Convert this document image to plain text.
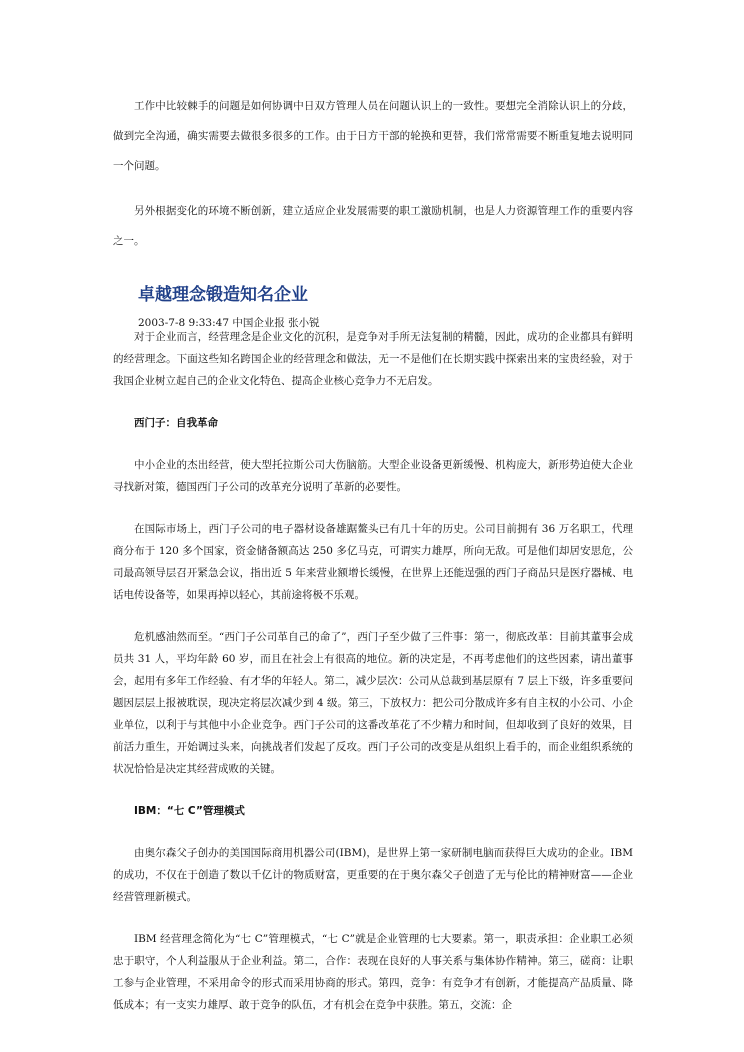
工作中比较棘手的问题是如何协调中日双方管理人员在问题认识上的一致性。要想完全消除认识上的分歧，做到完全沟通，确实需要去做很多很多的工作。由于日方干部的轮换和更替，我们常常需要不断重复地去说明同一个问题。

另外根据变化的环境不断创新，建立适应企业发展需要的职工激励机制，也是人力资源管理工作的重要内容之一。

卓越理念锻造知名企业

2003-7-8 9:33:47 中国企业报 张小锐

对于企业而言，经营理念是企业文化的沉积，是竞争对手所无法复制的精髓，因此，成功的企业都具有鲜明的经营理念。下面这些知名跨国企业的经营理念和做法，无一不是他们在长期实践中探索出来的宝贵经验，对于我国企业树立起自己的企业文化特色、提高企业核心竞争力不无启发。

西门子：自我革命

中小企业的杰出经营，使大型托拉斯公司大伤脑筋。大型企业设备更新缓慢、机构庞大，新形势迫使大企业寻找新对策，德国西门子公司的改革充分说明了革新的必要性。

在国际市场上，西门子公司的电子器材设备雄踞鳌头已有几十年的历史。公司目前拥有 36 万名职工，代理商分布于 120 多个国家，资金储备额高达 250 多亿马克，可谓实力雄厚，所向无敌。可是他们却居安思危，公司最高领导层召开紧急会议，指出近 5 年来营业额增长缓慢，在世界上还能逞强的西门子商品只是医疗器械、电话电传设备等，如果再掉以轻心，其前途将极不乐观。

危机感油然而至。“西门子公司革自己的命了”，西门子至少做了三件事：第一，彻底改革：目前其董事会成员共 31 人，平均年龄 60 岁，而且在社会上有很高的地位。新的决定是，不再考虑他们的这些因素，请出董事会，起用有多年工作经验、有才华的年轻人。第二，减少层次：公司从总裁到基层原有 7 层上下级，许多重要问题因层层上报被耽误，现决定将层次减少到 4 级。第三，下放权力：把公司分散成许多有自主权的小公司、小企业单位，以利于与其他中小企业竞争。西门子公司的这番改革花了不少精力和时间，但却收到了良好的效果，目前活力重生，开始调过头来，向挑战者们发起了反攻。西门子公司的改变是从组织上看手的，而企业组织系统的状况恰恰是决定其经营成败的关键。

IBM：“七 C”管理模式

由奥尔森父子创办的美国国际商用机器公司(IBM)，是世界上第一家研制电脑而获得巨大成功的企业。IBM 的成功，不仅在于创造了数以千亿计的物质财富，更重要的在于奥尔森父子创造了无与伦比的精神财富——企业经营管理新模式。

IBM 经营理念简化为“七 C”管理模式，“七 C”就是企业管理的七大要素。第一，职责承担：企业职工必须忠于职守，个人利益服从于企业利益。第二，合作：表现在良好的人事关系与集体协作精神。第三，磋商：让职工参与企业管理，不采用命令的形式而采用协商的形式。第四，竞争：有竞争才有创新，才能提高产品质量、降低成本；有一支实力雄厚、敢于竞争的队伍，才有机会在竞争中获胜。第五，交流：企
